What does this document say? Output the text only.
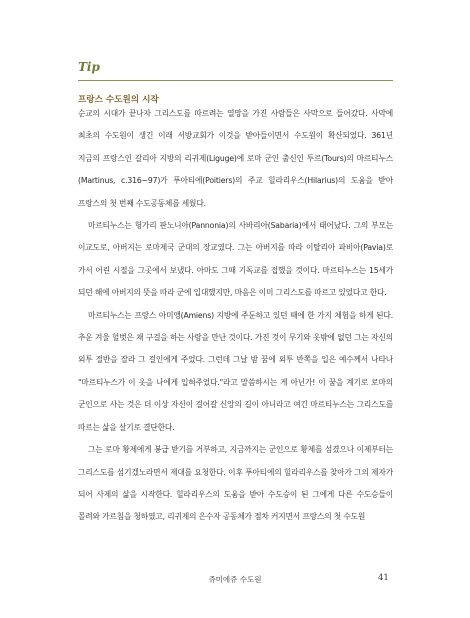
Tip
프랑스 수도원의 시작

순교의 시대가 끝나자 그리스도를 따르려는 열망을 가진 사람들은 사막으로 들어갔다. 사막에 최초의 수도원이 생긴 이래 서방교회가 이것을 받아들이면서 수도원이 확산되었다. 361년 지금의 프랑스인 갈리아 지방의 리귀제(Liguge)에 로마 군인 출신인 투르(Tours)의 마르티누스(Martinus, c.316~97)가 푸아티에(Poitiers)의 주교 힐라리우스(Hilarius)의 도움을 받아 프랑스의 첫 번째 수도공동체를 세웠다.

마르티누스는 헝가리 판노니아(Pannonia)의 사바리아(Sabaria)에서 태어났다. 그의 부모는 이교도로, 아버지는 로마제국 군대의 장교였다. 그는 아버지를 따라 이탈리아 파비아(Pavia)로 가서 어린 시절을 그곳에서 보냈다. 아마도 그때 기독교를 접했을 것이다. 마르티누스는 15세가 되던 해에 아버지의 뜻을 따라 군에 입대했지만, 마음은 이미 그리스도를 따르고 있었다고 한다.

마르티누스는 프랑스 아미앵(Amiens) 지방에 주둔하고 있던 때에 한 가지 체험을 하게 된다. 추운 겨울 헐벗은 채 구걸을 하는 사람을 만난 것이다. 가진 것이 무기와 옷밖에 없던 그는 자신의 외투 절반을 잘라 그 걸인에게 주었다. 그런데 그날 밤 꿈에 외투 반쪽을 입은 예수께서 나타나 "마르티누스가 이 옷을 나에게 입혀주었다."라고 말씀하시는 게 아닌가! 이 꿈을 계기로 로마의 군인으로 사는 것은 더 이상 자신이 걸어갈 신앙의 길이 아니라고 여긴 마르티누스는 그리스도를 따르는 삶을 살기로 결단한다.

그는 로마 황제에게 봉급 받기를 거부하고, 지금까지는 군인으로 황제를 섬겼으나 이제부터는 그리스도를 섬기겠노라면서 제대를 요청한다. 이후 푸아티에의 힐라리우스를 찾아가 그의 제자가 되어 사제의 삶을 시작한다. 힐라리우스의 도움을 받아 수도승이 된 그에게 다른 수도승들이 몰려와 가르침을 청하였고, 리귀제의 은수자 공동체가 점차 커지면서 프랑스의 첫 수도원

쥬미에쥬 수도원	41
